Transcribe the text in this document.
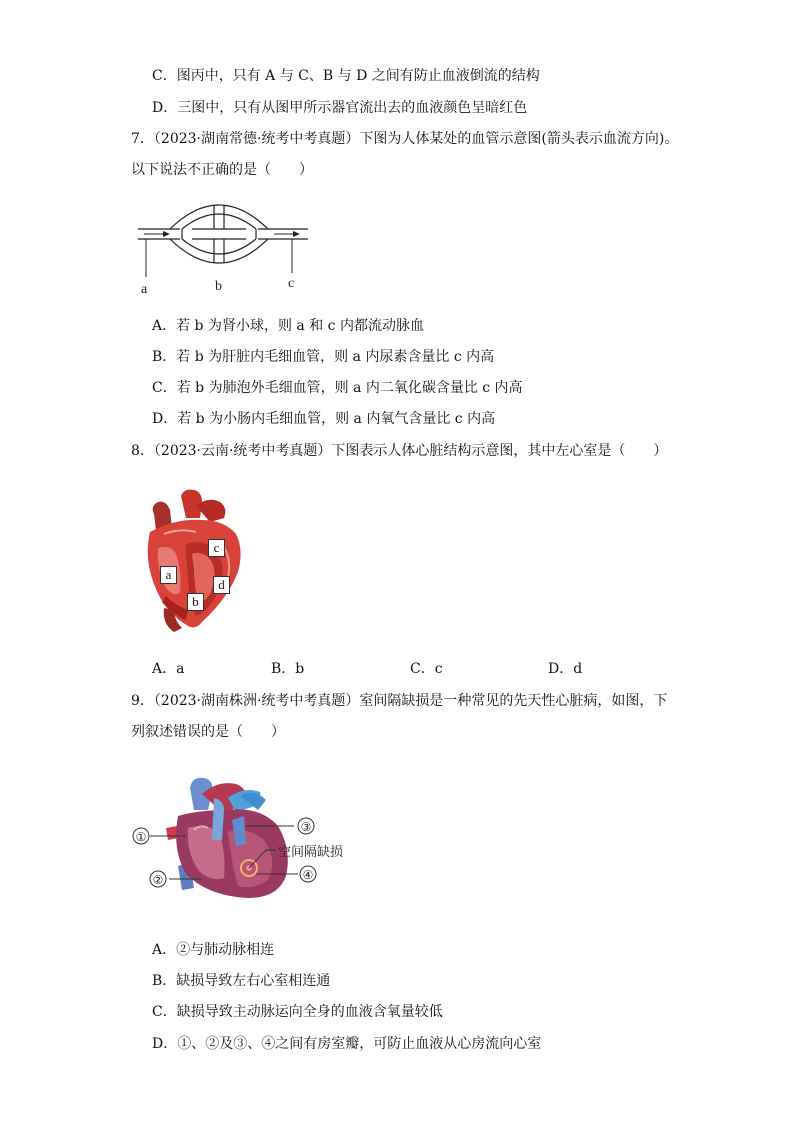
C．图丙中，只有 A 与 C、B 与 D 之间有防止血液倒流的结构
D．三图中，只有从图甲所示器官流出去的血液颜色呈暗红色
7．（2023·湖南常德·统考中考真题）下图为人体某处的血管示意图(箭头表示血流方向)。
以下说法不正确的是（　　）
a	b	c
A．若 b 为肾小球，则 a 和 c 内都流动脉血
B．若 b 为肝脏内毛细血管，则 a 内尿素含量比 c 内高
C．若 b 为肺泡外毛细血管，则 a 内二氧化碳含量比 c 内高
D．若 b 为小肠内毛细血管，则 a 内氧气含量比 c 内高
8．（2023·云南·统考中考真题）下图表示人体心脏结构示意图，其中左心室是（　　）
c
a
d
b
A．a	B．b	C．c	D．d
9．（2023·湖南株洲·统考中考真题）室间隔缺损是一种常见的先天性心脏病，如图，下
列叙述错误的是（　　）
①
②
③
④
空间隔缺损
A．②与肺动脉相连
B．缺损导致左右心室相连通
C．缺损导致主动脉运向全身的血液含氧量较低
D．①、②及③、④之间有房室瓣，可防止血液从心房流向心室
